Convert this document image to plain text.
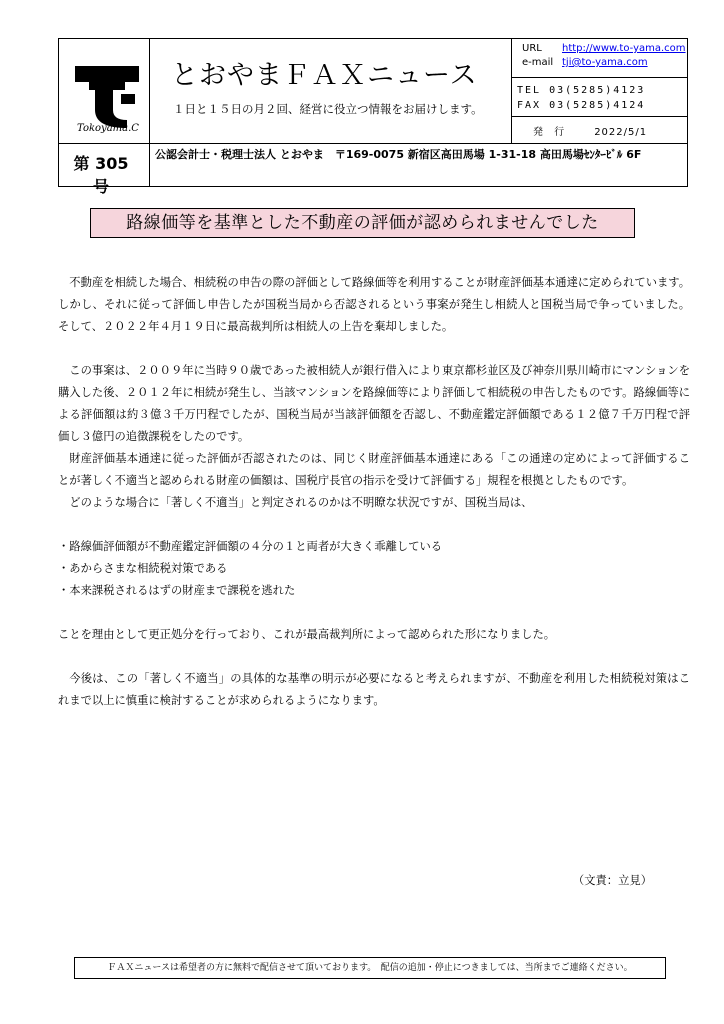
Tokoyama.C
とおやまＦＡＸニュース
１日と１５日の月２回、経営に役立つ情報をお届けします。
URL http://www.to-yama.com
e-mail tji@to-yama.com
TEL 03(5285)4123
FAX 03(5285)4124
発 行	2022/5/1
第 305 号
公認会計士・税理士法人 とおやま　〒169-0075 新宿区高田馬場 1-31-18 高田馬場ｾﾝﾀｰﾋﾞﾙ 6F
路線価等を基準とした不動産の評価が認められませんでした

不動産を相続した場合、相続税の申告の際の評価として路線価等を利用することが財産評価基本通達に定められています。しかし、それに従って評価し申告したが国税当局から否認されるという事案が発生し相続人と国税当局で争っていました。そして、２０２２年４月１９日に最高裁判所は相続人の上告を棄却しました。

この事案は、２００９年に当時９０歳であった被相続人が銀行借入により東京都杉並区及び神奈川県川崎市にマンションを購入した後、２０１２年に相続が発生し、当該マンションを路線価等により評価して相続税の申告したものです。路線価等による評価額は約３億３千万円程でしたが、国税当局が当該評価額を否認し、不動産鑑定評価額である１２億７千万円程で評価し３億円の追徴課税をしたのです。

財産評価基本通達に従った評価が否認されたのは、同じく財産評価基本通達にある「この通達の定めによって評価することが著しく不適当と認められる財産の価額は、国税庁長官の指示を受けて評価する」規程を根拠としたものです。

どのような場合に「著しく不適当」と判定されるのかは不明瞭な状況ですが、国税当局は、

・路線価評価額が不動産鑑定評価額の４分の１と両者が大きく乖離している

・あからさまな相続税対策である

・本来課税されるはずの財産まで課税を逃れた

ことを理由として更正処分を行っており、これが最高裁判所によって認められた形になりました。

今後は、この「著しく不適当」の具体的な基準の明示が必要になると考えられますが、不動産を利用した相続税対策はこれまで以上に慎重に検討することが求められるようになります。

（文責：立見）
ＦＡＸニュースは希望者の方に無料で配信させて頂いております。　配信の追加・停止につきましては、当所までご連絡ください。
